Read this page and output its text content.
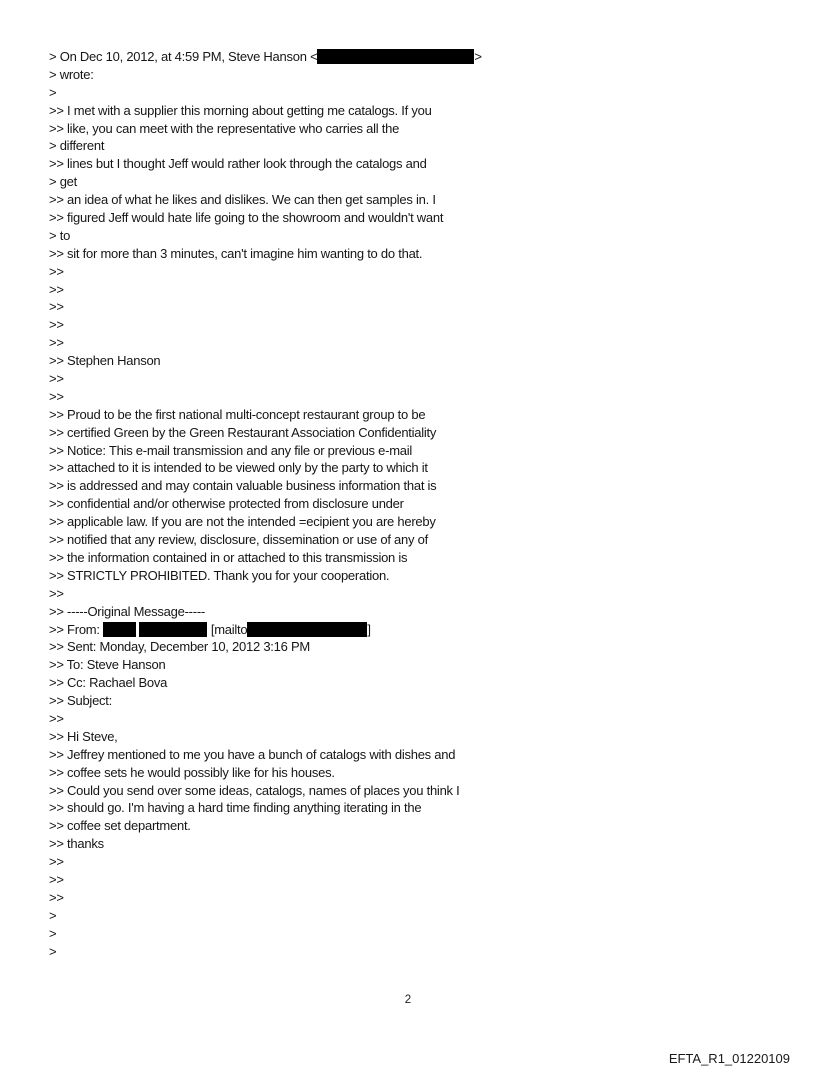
> On Dec 10, 2012, at 4:59 PM, Steve Hanson <	>
> wrote:
>
>> I met with a supplier this morning about getting me catalogs. If you
>> like, you can meet with the representative who carries all the
> different
>> lines but I thought Jeff would rather look through the catalogs and
> get
>> an idea of what he likes and dislikes. We can then get samples in. I
>> figured Jeff would hate life going to the showroom and wouldn't want
> to
>> sit for more than 3 minutes, can't imagine him wanting to do that.
>>
>>
>>
>>
>>
>> Stephen Hanson
>>
>>
>> Proud to be the first national multi-concept restaurant group to be
>> certified Green by the Green Restaurant Association Confidentiality
>> Notice: This e-mail transmission and any file or previous e-mail
>> attached to it is intended to be viewed only by the party to which it
>> is addressed and may contain valuable business information that is
>> confidential and/or otherwise protected from disclosure under
>> applicable law. If you are not the intended =ecipient you are hereby
>> notified that any review, disclosure, dissemination or use of any of
>> the information contained in or attached to this transmission is
>> STRICTLY PROHIBITED. Thank you for your cooperation.
>>
>> -----Original Message-----
>> From:	[mailto	]
>> Sent: Monday, December 10, 2012 3:16 PM
>> To: Steve Hanson
>> Cc: Rachael Bova
>> Subject:
>>
>> Hi Steve,
>> Jeffrey mentioned to me you have a bunch of catalogs with dishes and
>> coffee sets he would possibly like for his houses.
>> Could you send over some ideas, catalogs, names of places you think I
>> should go. I'm having a hard time finding anything iterating in the
>> coffee set department.
>> thanks
>>
>>
>>
>
>
>
2
EFTA_R1_01220109
